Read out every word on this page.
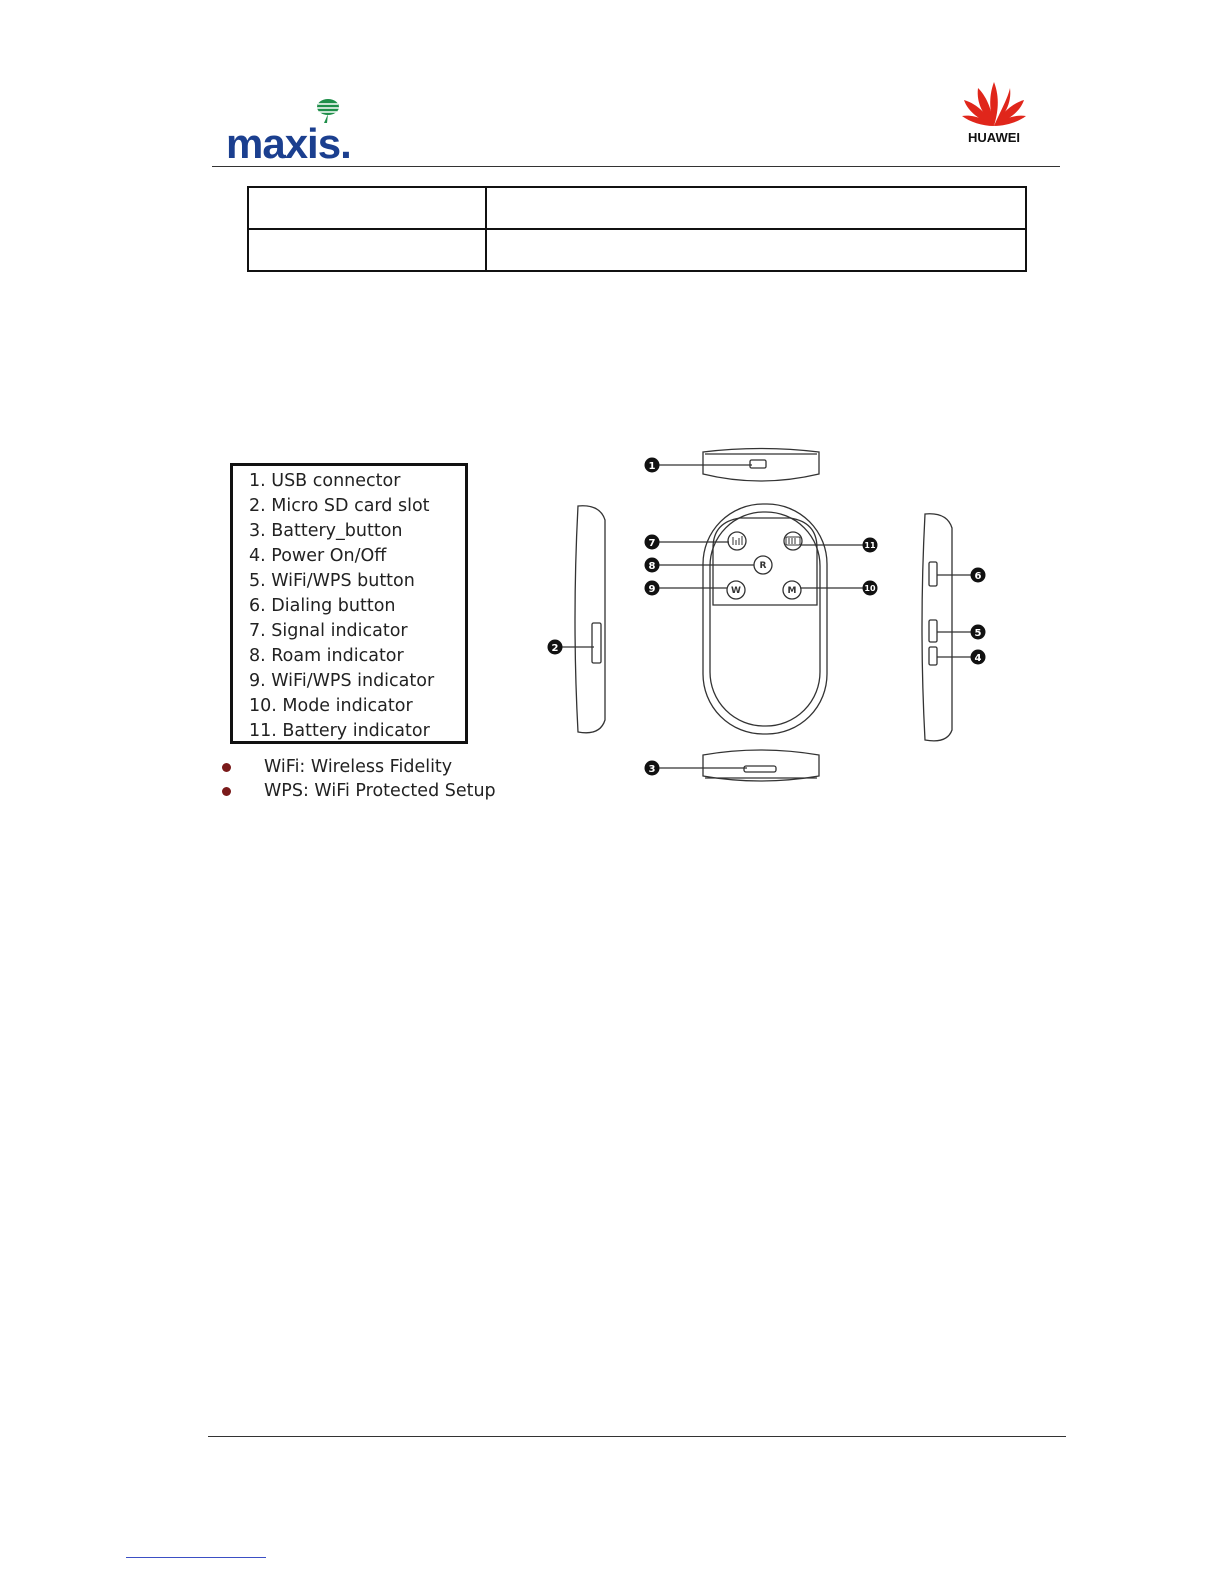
maxis.	HUAWEI
1. USB connector
2. Micro SD card slot
3. Battery_button
4. Power On/Off
5. WiFi/WPS button
6. Dialing button
7. Signal indicator
8. Roam indicator
9. WiFi/WPS indicator
10. Mode indicator
11. Battery indicator
WiFi: Wireless Fidelity
WPS: WiFi Protected Setup
R
W	M
1
2
3
4
5
6
7
8
9	10
11
